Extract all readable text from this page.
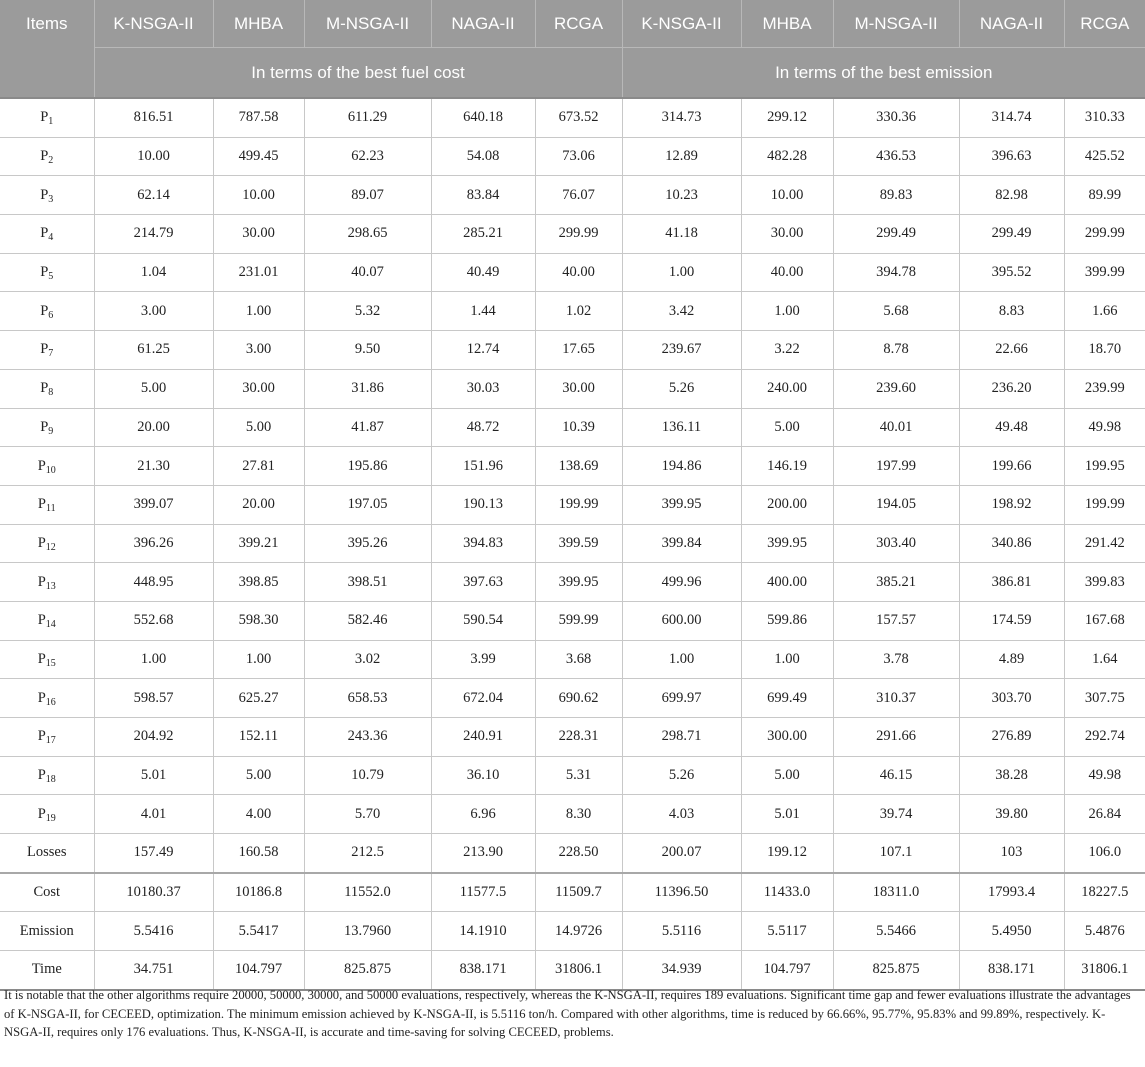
Items	K-NSGA-II	MHBA	M-NSGA-II	NAGA-II	RCGA	K-NSGA-II	MHBA	M-NSGA-II	NAGA-II	RCGA
	In terms of the best fuel cost					In terms of the best emission				
$P_1$	816.51	787.58	611.29	640.18	673.52	314.73	299.12	330.36	314.74	310.33
$P_2$	10.00	499.45	62.23	54.08	73.06	12.89	482.28	436.53	396.63	425.52
$P_3$	62.14	10.00	89.07	83.84	76.07	10.23	10.00	89.83	82.98	89.99
$P_4$	214.79	30.00	298.65	285.21	299.99	41.18	30.00	299.49	299.49	299.99
$P_5$	1.04	231.01	40.07	40.49	40.00	1.00	40.00	394.78	395.52	399.99
$P_6$	3.00	1.00	5.32	1.44	1.02	3.42	1.00	5.68	8.83	1.66
$P_7$	61.25	3.00	9.50	12.74	17.65	239.67	3.22	8.78	22.66	18.70
$P_8$	5.00	30.00	31.86	30.03	30.00	5.26	240.00	239.60	236.20	239.99
$P_9$	20.00	5.00	41.87	48.72	10.39	136.11	5.00	40.01	49.48	49.98
$P_{10}$	21.30	27.81	195.86	151.96	138.69	194.86	146.19	197.99	199.66	199.95
$P_{11}$	399.07	20.00	197.05	190.13	199.99	399.95	200.00	194.05	198.92	199.99
$P_{12}$	396.26	399.21	395.26	394.83	399.59	399.84	399.95	303.40	340.86	291.42
$P_{13}$	448.95	398.85	398.51	397.63	399.95	499.96	400.00	385.21	386.81	399.83
$P_{14}$	552.68	598.30	582.46	590.54	599.99	600.00	599.86	157.57	174.59	167.68
$P_{15}$	1.00	1.00	3.02	3.99	3.68	1.00	1.00	3.78	4.89	1.64
$P_{16}$	598.57	625.27	658.53	672.04	690.62	699.97	699.49	310.37	303.70	307.75
$P_{17}$	204.92	152.11	243.36	240.91	228.31	298.71	300.00	291.66	276.89	292.74
$P_{18}$	5.01	5.00	10.79	36.10	5.31	5.26	5.00	46.15	38.28	49.98
$P_{19}$	4.01	4.00	5.70	6.96	8.30	4.03	5.01	39.74	39.80	26.84
Losses	157.49	160.58	212.5	213.90	228.50	200.07	199.12	107.1	103	106.0
Cost	10180.37	10186.8	11552.0	11577.5	11509.7	11396.50	11433.0	18311.0	17993.4	18227.5
Emission	5.5416	5.5417	13.7960	14.1910	14.9726	5.5116	5.5117	5.5466	5.4950	5.4876
Time	34.751	104.797	825.875	838.171	31806.1	34.939	104.797	825.875	838.171	31806.1

It is notable that the other algorithms require 20000, 50000, 30000, and 50000 evaluations, respectively, whereas the K-NSGA-II, requires 189 evaluations. Significant time gap and fewer evaluations illustrate the advantages of K-NSGA-II, for CECEED, optimization. The minimum emission achieved by K-NSGA-II, is 5.5116 ton/h. Compared with other algorithms, time is reduced by 66.66%, 95.77%, 95.83% and 99.89%, respectively. K-NSGA-II, requires only 176 evaluations. Thus, K-NSGA-II, is accurate and time-saving for solving CECEED, problems.
